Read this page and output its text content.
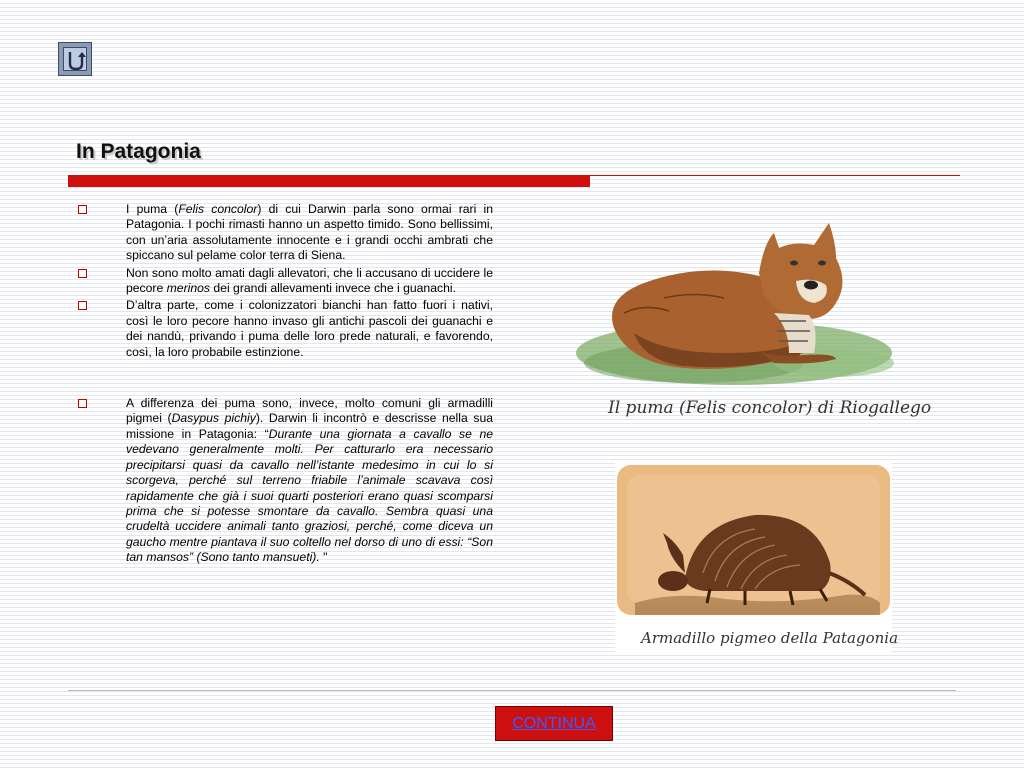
In Patagonia
I puma (Felis concolor) di cui Darwin parla sono ormai rari in Patagonia. I pochi rimasti hanno un aspetto timido. Sono bellissimi, con un’aria assolutamente innocente e i grandi occhi ambrati che spiccano sul pelame color terra di Siena.
Non sono molto amati dagli allevatori, che li accusano di uccidere le pecore merinos dei grandi allevamenti invece che i guanachi.
D’altra parte, come i colonizzatori bianchi han fatto fuori i nativi, così le loro pecore hanno invaso gli antichi pascoli dei guanachi e dei nandù, privando i puma delle loro prede naturali, e favorendo, così, la loro probabile estinzione.
A differenza dei puma sono, invece, molto comuni gli armadilli pigmei (Dasypus pichiy). Darwin li incontrò e descrisse nella sua missione in Patagonia: “Durante una giornata a cavallo se ne vedevano generalmente molti. Per catturarlo era necessario precipitarsi quasi da cavallo nell’istante medesimo in cui lo si scorgeva, perché sul terreno friabile l’animale scavava così rapidamente che già i suoi quarti posteriori erano quasi scomparsi prima che si potesse smontare da cavallo. Sembra quasi una crudeltà uccidere animali tanto graziosi, perché, come diceva un gaucho mentre piantava il suo coltello nel dorso di uno di essi: “Son tan mansos” (Sono tanto mansueti). "
Il puma (Felis concolor) di Riogallego
Armadillo pigmeo della Patagonia
CONTINUA
